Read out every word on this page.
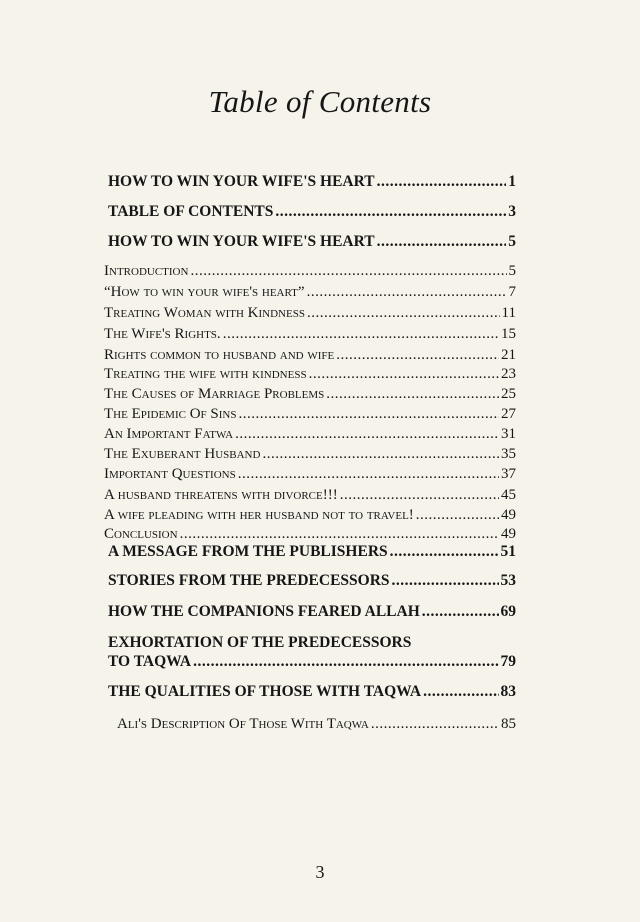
Table of Contents
HOW TO WIN YOUR WIFE'S HEART .....	1
TABLE OF CONTENTS .....	3
HOW TO WIN YOUR WIFE'S HEART .....	5
Introduction .....	5
“How to win your wife's heart” .....	7
Treating Woman with Kindness .....	11
The Wife's Rights. .....	15
Rights common to husband and wife .....	21
Treating the wife with kindness .....	23
The Causes of Marriage Problems .....	25
The Epidemic Of Sins .....	27
An Important Fatwa .....	31
The Exuberant Husband .....	35
Important Questions .....	37
A husband threatens with divorce!!! .....	45
A wife pleading with her husband not to travel! .....	49
Conclusion .....	49
A MESSAGE FROM THE PUBLISHERS .....	51
STORIES FROM THE PREDECESSORS .....	53
HOW THE COMPANIONS FEARED ALLAH .....	69
EXHORTATION OF THE PREDECESSORS
TO TAQWA .....	79
THE QUALITIES OF THOSE WITH TAQWA .....	83
Ali's Description Of Those With Taqwa .....	85
3
